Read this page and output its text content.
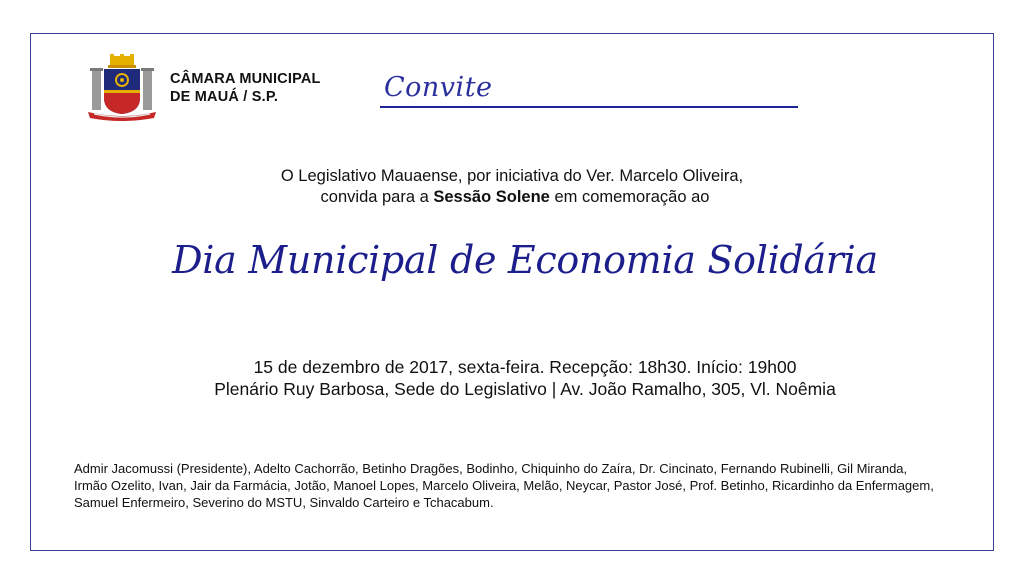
CÂMARA MUNICIPAL
DE MAUÁ / S.P.	Convite
O Legislativo Mauaense, por iniciativa do Ver. Marcelo Oliveira,
convida para a Sessão Solene em comemoração ao
Dia Municipal de Economia Solidária
15 de dezembro de 2017, sexta-feira. Recepção: 18h30. Início: 19h00
Plenário Ruy Barbosa, Sede do Legislativo | Av. João Ramalho, 305, Vl. Noêmia
Admir Jacomussi (Presidente), Adelto Cachorrão, Betinho Dragões, Bodinho, Chiquinho do Zaíra, Dr. Cincinato, Fernando Rubinelli, Gil Miranda, Irmão Ozelito, Ivan, Jair da Farmácia, Jotão, Manoel Lopes, Marcelo Oliveira, Melão, Neycar, Pastor José, Prof. Betinho, Ricardinho da Enfermagem, Samuel Enfermeiro, Severino do MSTU, Sinvaldo Carteiro e Tchacabum.
